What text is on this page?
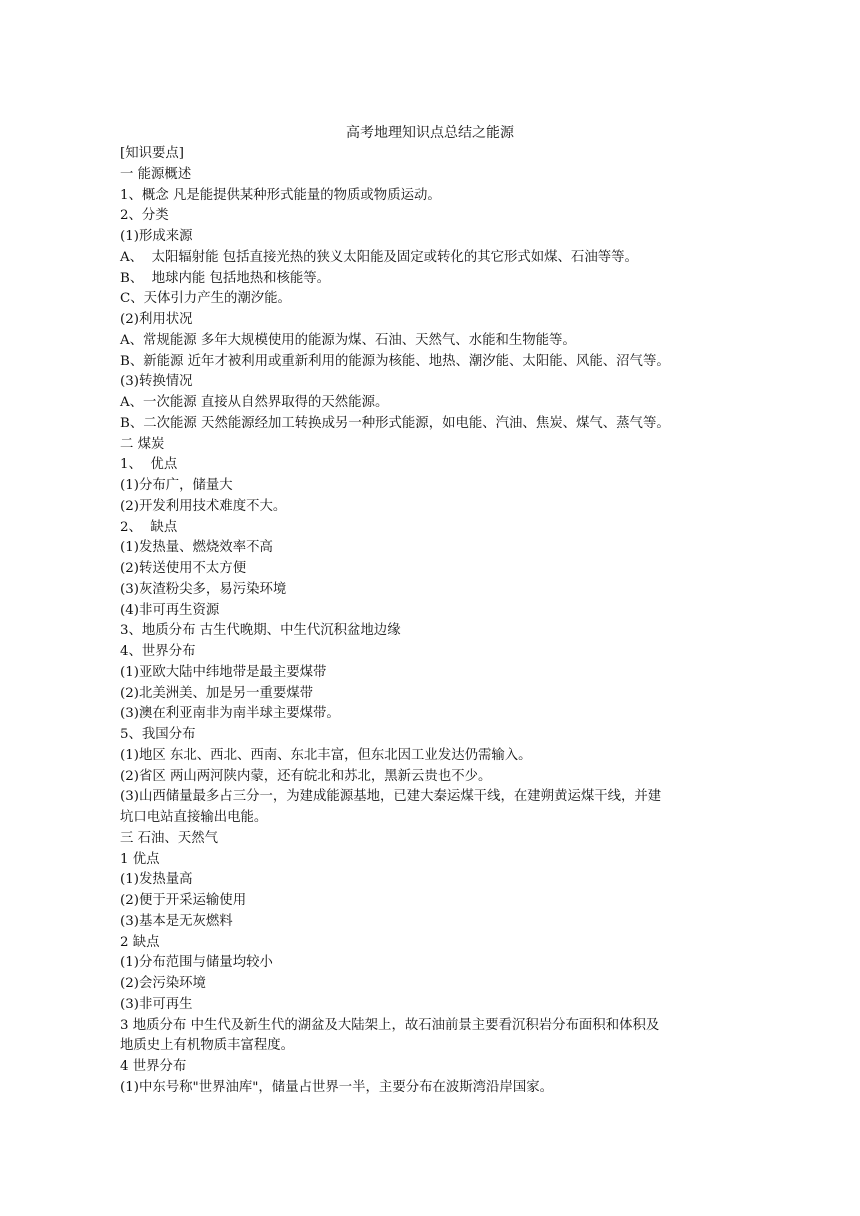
高考地理知识点总结之能源
[知识要点]
一 能源概述
1、概念 凡是能提供某种形式能量的物质或物质运动。
2、分类
(1)形成来源
A、  太阳辐射能 包括直接光热的狭义太阳能及固定或转化的其它形式如煤、石油等等。
B、  地球内能 包括地热和核能等。
C、天体引力产生的潮汐能。
(2)利用状况
A、常规能源 多年大规模使用的能源为煤、石油、天然气、水能和生物能等。
B、新能源 近年才被利用或重新利用的能源为核能、地热、潮汐能、太阳能、风能、沼气等。
(3)转换情况
A、一次能源 直接从自然界取得的天然能源。
B、二次能源 天然能源经加工转换成另一种形式能源，如电能、汽油、焦炭、煤气、蒸气等。
二 煤炭
1、  优点
(1)分布广，储量大
(2)开发利用技术难度不大。
2、  缺点
(1)发热量、燃烧效率不高
(2)转送使用不太方便
(3)灰渣粉尖多，易污染环境
(4)非可再生资源
3、地质分布 古生代晚期、中生代沉积盆地边缘
4、世界分布
(1)亚欧大陆中纬地带是最主要煤带
(2)北美洲美、加是另一重要煤带
(3)澳在利亚南非为南半球主要煤带。
5、我国分布
(1)地区 东北、西北、西南、东北丰富，但东北因工业发达仍需输入。
(2)省区 两山两河陕内蒙，还有皖北和苏北，黑新云贵也不少。
(3)山西储量最多占三分一，为建成能源基地，已建大秦运煤干线，在建朔黄运煤干线，并建
坑口电站直接输出电能。
三 石油、天然气
1 优点
(1)发热量高
(2)便于开采运输使用
(3)基本是无灰燃料
2 缺点
(1)分布范围与储量均较小
(2)会污染环境
(3)非可再生
3 地质分布 中生代及新生代的湖盆及大陆架上，故石油前景主要看沉积岩分布面积和体积及
地质史上有机物质丰富程度。
4 世界分布
(1)中东号称"世界油库"，储量占世界一半，主要分布在波斯湾沿岸国家。
